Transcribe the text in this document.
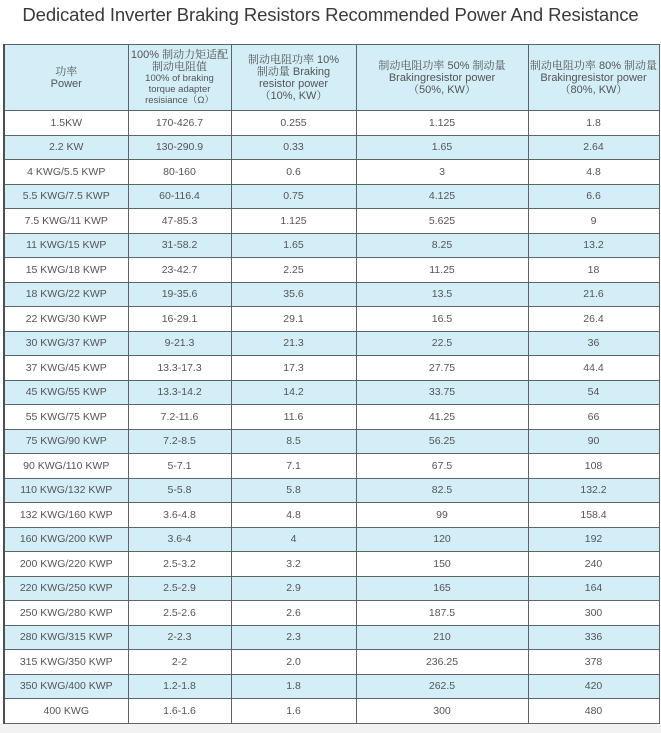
Dedicated Inverter Braking Resistors Recommended Power And Resistance
功率
Power	100% 制动力矩适配
制动电阻值
100% of braking
torque adapter
resisiance（Ω）	制动电阻功率 10%
制动量 Braking
resistor power
（10%, KW）	制动电阻功率 50% 制动量
Brakingresistor power
（50%, KW）	制动电阻功率 80% 制动量
Brakingresistor power
（80%, KW）

1.5KW	170-426.7	0.255	1.125	1.8
2.2 KW	130-290.9	0.33	1.65	2.64
4 KWG/5.5 KWP	80-160	0.6	3	4.8
5.5 KWG/7.5 KWP	60-116.4	0.75	4.125	6.6
7.5 KWG/11 KWP	47-85.3	1.125	5.625	9
11 KWG/15 KWP	31-58.2	1.65	8.25	13.2
15 KWG/18 KWP	23-42.7	2.25	11.25	18
18 KWG/22 KWP	19-35.6	35.6	13.5	21.6
22 KWG/30 KWP	16-29.1	29.1	16.5	26.4
30 KWG/37 KWP	9-21.3	21.3	22.5	36
37 KWG/45 KWP	13.3-17.3	17.3	27.75	44.4
45 KWG/55 KWP	13.3-14.2	14.2	33.75	54
55 KWG/75 KWP	7.2-11.6	11.6	41.25	66
75 KWG/90 KWP	7.2-8.5	8.5	56.25	90
90 KWG/110 KWP	5-7.1	7.1	67.5	108
110 KWG/132 KWP	5-5.8	5.8	82.5	132.2
132 KWG/160 KWP	3.6-4.8	4.8	99	158.4
160 KWG/200 KWP	3.6-4	4	120	192
200 KWG/220 KWP	2.5-3.2	3.2	150	240
220 KWG/250 KWP	2.5-2.9	2.9	165	164
250 KWG/280 KWP	2.5-2.6	2.6	187.5	300
280 KWG/315 KWP	2-2.3	2.3	210	336
315 KWG/350 KWP	2-2	2.0	236.25	378
350 KWG/400 KWP	1.2-1.8	1.8	262.5	420
400 KWG	1.6-1.6	1.6	300	480
